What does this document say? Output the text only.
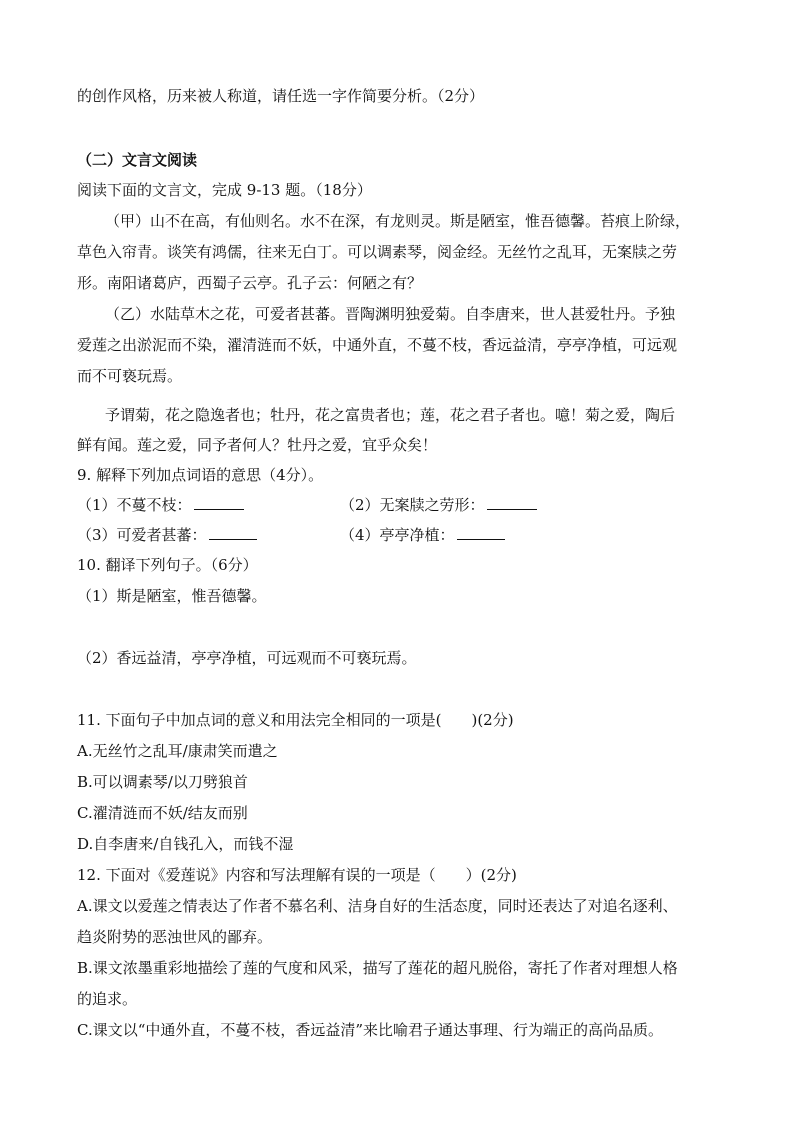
的创作风格，历来被人称道，请任选一字作简要分析。（2分）
（二）文言文阅读
阅读下面的文言文，完成 9-13 题。（18分）
（甲）山不在高，有仙则名。水不在深，有龙则灵。斯是陋室，惟吾德馨。苔痕上阶绿，
草色入帘青。谈笑有鸿儒，往来无白丁。可以调素琴，阅金经。无丝竹之乱耳，无案牍之劳
形。南阳诸葛庐，西蜀子云亭。孔子云：何陋之有？
（乙）水陆草木之花，可爱者甚蕃。晋陶渊明独爱菊。自李唐来，世人甚爱牡丹。予独
爱莲之出淤泥而不染，濯清涟而不妖，中通外直，不蔓不枝，香远益清，亭亭净植，可远观
而不可亵玩焉。
予谓菊，花之隐逸者也；牡丹，花之富贵者也；莲，花之君子者也。噫！菊之爱，陶后
鲜有闻。莲之爱，同予者何人？牡丹之爱，宜乎众矣！
9. 解释下列加点词语的意思（4分）。
（1）不蔓不枝：	（2）无案牍之劳形：
（3）可爱者甚蕃：	（4）亭亭净植：
10. 翻译下列句子。（6分）
（1）斯是陋室，惟吾德馨。
（2）香远益清，亭亭净植，可远观而不可亵玩焉。
11. 下面句子中加点词的意义和用法完全相同的一项是(　　)(2分)
A.无丝竹之乱耳/康肃笑而遣之
B.可以调素琴/以刀劈狼首
C.濯清涟而不妖/结友而别
D.自李唐来/自钱孔入，而钱不湿
12. 下面对《爱莲说》内容和写法理解有误的一项是（　　）(2分)
A.课文以爱莲之情表达了作者不慕名利、洁身自好的生活态度，同时还表达了对追名逐利、
趋炎附势的恶浊世风的鄙弃。
B.课文浓墨重彩地描绘了莲的气度和风采，描写了莲花的超凡脱俗，寄托了作者对理想人格
的追求。
C.课文以“中通外直，不蔓不枝，香远益清”来比喻君子通达事理、行为端正的高尚品质。
